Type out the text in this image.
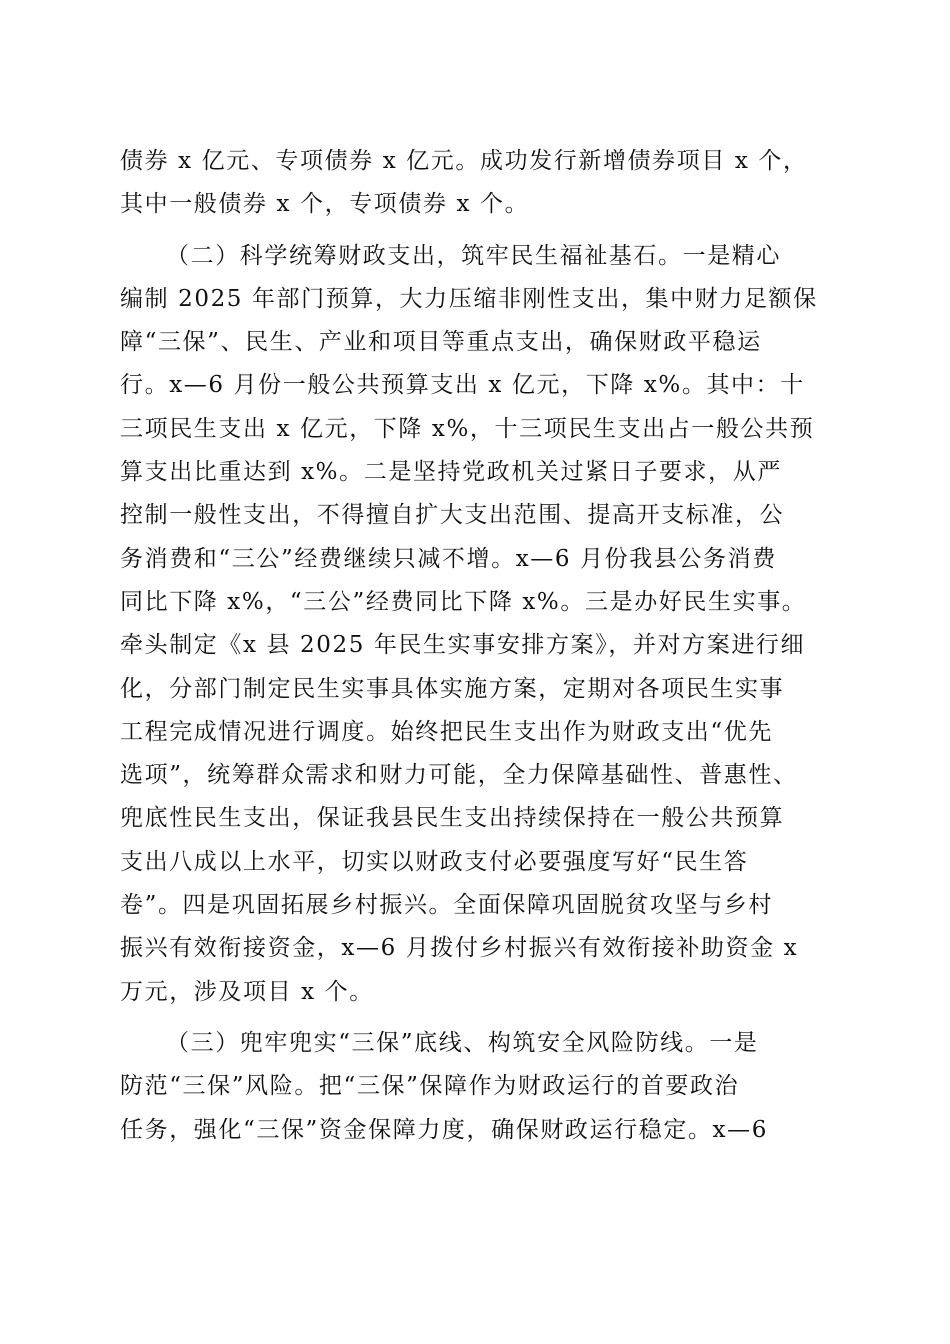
债券 x 亿元、专项债券 x 亿元。成功发行新增债券项目 x 个，
其中一般债券 x 个，专项债券 x 个。
（二）科学统筹财政支出，筑牢民生福祉基石。一是精心
编制 2025 年部门预算，大力压缩非刚性支出，集中财力足额保
障“三保”、民生、产业和项目等重点支出，确保财政平稳运
行。x—6 月份一般公共预算支出 x 亿元，下降 x%。其中：十
三项民生支出 x 亿元，下降 x%，十三项民生支出占一般公共预
算支出比重达到 x%。二是坚持党政机关过紧日子要求，从严
控制一般性支出，不得擅自扩大支出范围、提高开支标准，公
务消费和“三公”经费继续只减不增。x—6 月份我县公务消费
同比下降 x%，“三公”经费同比下降 x%。三是办好民生实事。
牵头制定《x 县 2025 年民生实事安排方案》，并对方案进行细
化，分部门制定民生实事具体实施方案，定期对各项民生实事
工程完成情况进行调度。始终把民生支出作为财政支出“优先
选项”，统筹群众需求和财力可能，全力保障基础性、普惠性、
兜底性民生支出，保证我县民生支出持续保持在一般公共预算
支出八成以上水平，切实以财政支付必要强度写好“民生答
卷”。四是巩固拓展乡村振兴。全面保障巩固脱贫攻坚与乡村
振兴有效衔接资金，x—6 月拨付乡村振兴有效衔接补助资金 x
万元，涉及项目 x 个。
（三）兜牢兜实“三保”底线、构筑安全风险防线。一是
防范“三保”风险。把“三保”保障作为财政运行的首要政治
任务，强化“三保”资金保障力度，确保财政运行稳定。x—6
